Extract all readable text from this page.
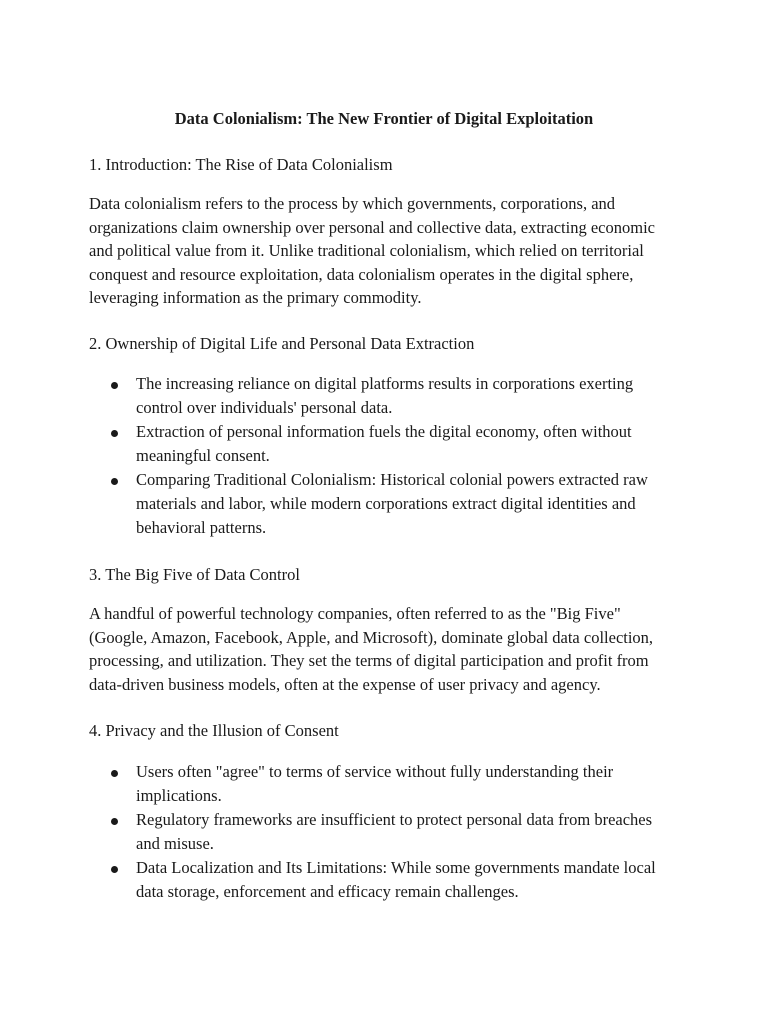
Data Colonialism: The New Frontier of Digital Exploitation
1. Introduction: The Rise of Data Colonialism

Data colonialism refers to the process by which governments, corporations, and organizations claim ownership over personal and collective data, extracting economic and political value from it. Unlike traditional colonialism, which relied on territorial conquest and resource exploitation, data colonialism operates in the digital sphere, leveraging information as the primary commodity.

2. Ownership of Digital Life and Personal Data Extraction
The increasing reliance on digital platforms results in corporations exerting control over individuals' personal data.
Extraction of personal information fuels the digital economy, often without meaningful consent.
Comparing Traditional Colonialism: Historical colonial powers extracted raw materials and labor, while modern corporations extract digital identities and behavioral patterns.
3. The Big Five of Data Control

A handful of powerful technology companies, often referred to as the "Big Five" (Google, Amazon, Facebook, Apple, and Microsoft), dominate global data collection, processing, and utilization. They set the terms of digital participation and profit from data-driven business models, often at the expense of user privacy and agency.

4. Privacy and the Illusion of Consent
Users often "agree" to terms of service without fully understanding their implications.
Regulatory frameworks are insufficient to protect personal data from breaches and misuse.
Data Localization and Its Limitations: While some governments mandate local data storage, enforcement and efficacy remain challenges.
